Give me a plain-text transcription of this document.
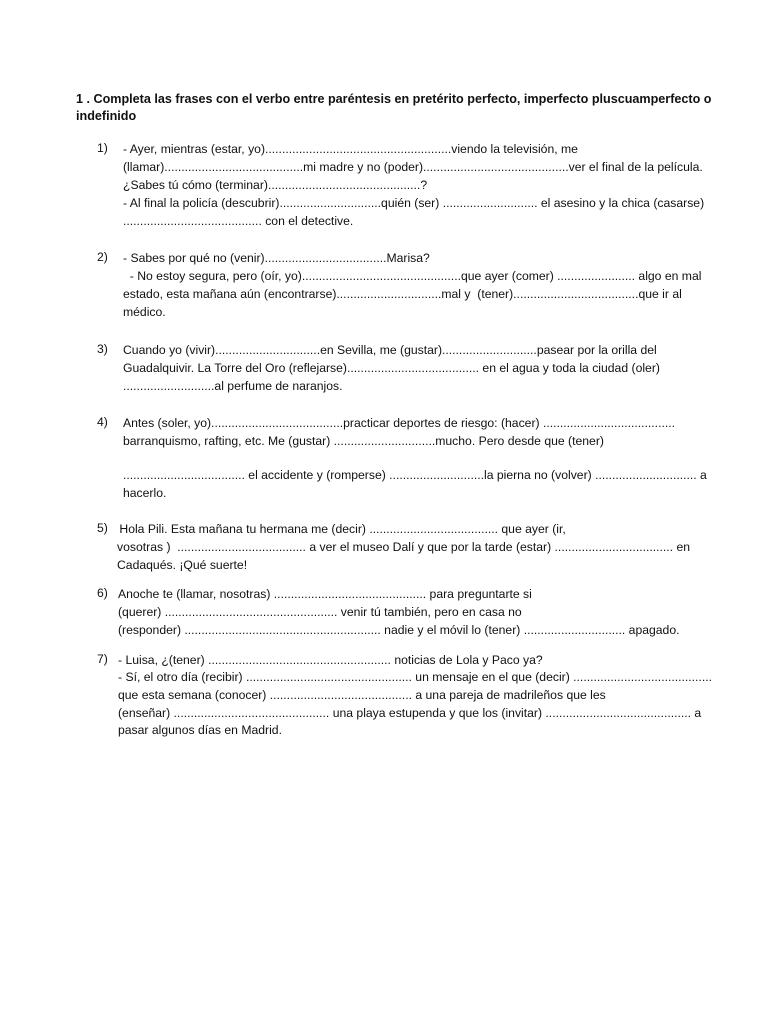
1 . Completa las frases con el verbo entre paréntesis en pretérito perfecto, imperfecto pluscuamperfecto o indefinido
1) - Ayer, mientras (estar, yo).......................................................viendo la televisión, me
(llamar).........................................mi madre y no (poder)...........................................ver el final de la película.
¿Sabes tú cómo (terminar).............................................?
- Al final la policía (descubrir)..............................quién (ser) ............................ el asesino y la chica (casarse)
......................................... con el detective.
2) - Sabes por qué no (venir)....................................Marisa?
- No estoy segura, pero (oír, yo)...............................................que ayer (comer) ....................... algo en mal
estado, esta mañana aún (encontrarse)...............................mal y  (tener).....................................que ir al
médico.
3) Cuando yo (vivir)...............................en Sevilla, me (gustar)............................pasear por la orilla del
Guadalquivir. La Torre del Oro (reflejarse)....................................... en el agua y toda la ciudad (oler)
...........................al perfume de naranjos.
4) Antes (soler, yo).......................................practicar deportes de riesgo: (hacer) .......................................
barranquismo, rafting, etc. Me (gustar) ..............................mucho. Pero desde que (tener)
.................................... el accidente y (romperse) ............................la pierna no (volver) .............................. a
hacerlo.
5) Hola Pili. Esta mañana tu hermana me (decir) ...................................... que ayer (ir,
vosotras )  ...................................... a ver el museo Dalí y que por la tarde (estar) ................................... en
Cadaqués. ¡Qué suerte!
6) Anoche te (llamar, nosotras) ............................................. para preguntarte si
(querer) ................................................... venir tú también, pero en casa no
(responder) .......................................................... nadie y el móvil lo (tener) .............................. apagado.
7) - Luisa, ¿(tener) ...................................................... noticias de Lola y Paco ya?
- Sí, el otro día (recibir) ................................................. un mensaje en el que (decir) .........................................
que esta semana (conocer) .......................................... a una pareja de madrileños que les
(enseñar) .............................................. una playa estupenda y que los (invitar) ........................................... a
pasar algunos días en Madrid.
